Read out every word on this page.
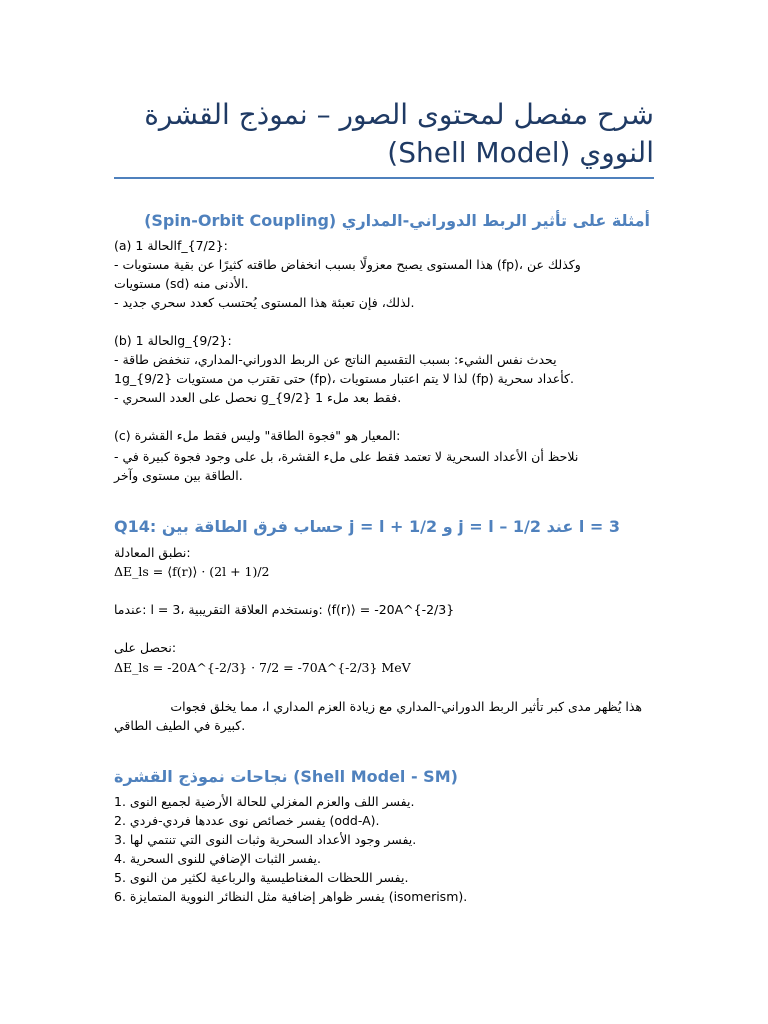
شرح مفصل لمحتوى الصور – نموذج القشرة النووي (Shell Model)
أمثلة على تأثير الربط الدوراني-المداري (Spin-Orbit Coupling)
(a) 1 الحالةf_{7/2}:
- هذا المستوى يصبح معزولًا بسبب انخفاض طاقته كثيرًا عن بقية مستويات (fp)، وكذلك عن
مستويات (sd) الأدنى منه.
- لذلك، فإن تعبئة هذا المستوى يُحتسب كعدد سحري جديد.
(b) 1 الحالةg_{9/2}:
- يحدث نفس الشيء: بسبب التقسيم الناتج عن الربط الدوراني-المداري، تنخفض طاقة
1g_{9/2} حتى تقترب من مستويات (fp)، لذا لا يتم اعتبار مستويات (fp) كأعداد سحرية.
- نحصل على العدد السحري g_{9/2} فقط بعد ملء 1.
(c) المعيار هو "فجوة الطاقة" وليس فقط ملء القشرة:
- نلاحظ أن الأعداد السحرية لا تعتمد فقط على ملء القشرة، بل على وجود فجوة كبيرة في
الطاقة بين مستوى وآخر.
Q14: حساب فرق الطاقة بين j = l + 1/2 و j = l – 1/2 عند l = 3
نطبق المعادلة:
ΔE_ls = ⟨f(r)⟩ · (2l + 1)/2
عندما: l = 3، ونستخدم العلاقة التقريبية: ⟨f(r)⟩ = -20A^{-2/3}
نحصل على:
ΔE_ls = -20A^{-2/3} · 7/2 = -70A^{-2/3} MeV
هذا يُظهر مدى كبر تأثير الربط الدوراني-المداري مع زيادة العزم المداري l، مما يخلق فجوات
كبيرة في الطيف الطاقي.
نجاحات نموذج القشرة (Shell Model - SM)
1. يفسر اللف والعزم المغزلي للحالة الأرضية لجميع النوى.
2. يفسر خصائص نوى عددها فردي-فردي (odd-A).
3. يفسر وجود الأعداد السحرية وثبات النوى التي تنتمي لها.
4. يفسر الثبات الإضافي للنوى السحرية.
5. يفسر اللحظات المغناطيسية والرباعية لكثير من النوى.
6. يفسر ظواهر إضافية مثل النظائر النووية المتمايزة (isomerism).
